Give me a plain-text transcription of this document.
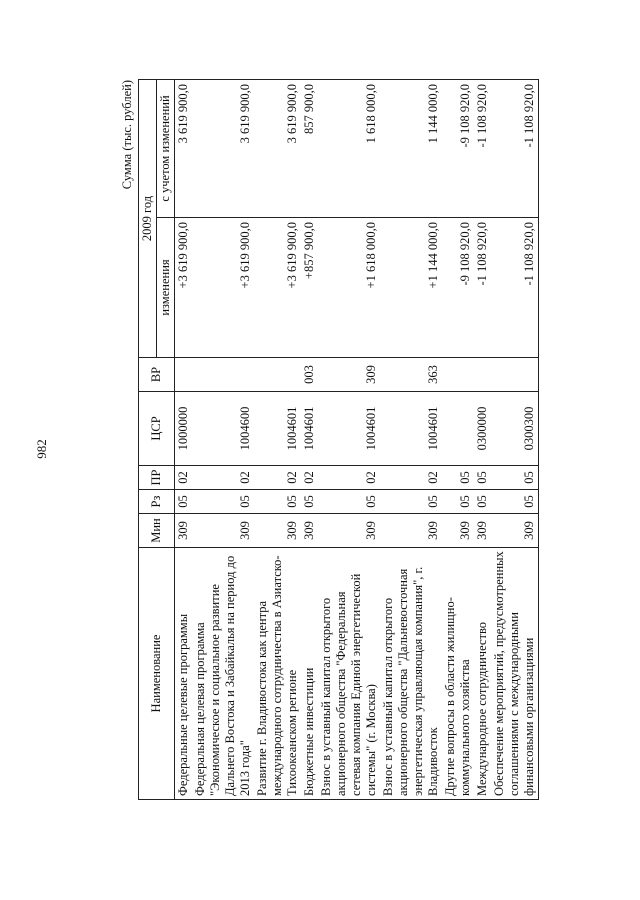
982
Сумма (тыс. рублей)
Наименование	Мин	Рз	ПР	ЦСР	ВР	2009 год	
						изменения	с учетом изменений
Федеральные целевые программы	309	05	02	1000000		+3 619 900,0	3 619 900,0
Федеральная целевая программа "Экономическое и социальное развитие Дальнего Востока и Забайкалья на период до 2013 года"	309	05	02	1004600		+3 619 900,0	3 619 900,0
Развитие г. Владивостока как центра международного сотрудничества в Азиатско-Тихоокеанском регионе	309	05	02	1004601		+3 619 900,0	3 619 900,0
Бюджетные инвестиции	309	05	02	1004601	003	+857 900,0	857 900,0
Взнос в уставный капитал открытого акционерного общества "Федеральная сетевая компания Единой энергетической системы" (г. Москва)	309	05	02	1004601	309	+1 618 000,0	1 618 000,0
Взнос в уставный капитал открытого акционерного общества "Дальневосточная энергетическая управляющая компания", г. Владивосток	309	05	02	1004601	363	+1 144 000,0	1 144 000,0
Другие вопросы в области жилищно-коммунального хозяйства	309	05	05			-9 108 920,0	-9 108 920,0
Международное сотрудничество	309	05	05	0300000		-1 108 920,0	-1 108 920,0
Обеспечение мероприятий, предусмотренных соглашениями с международными финансовыми организациями	309	05	05	0300300		-1 108 920,0	-1 108 920,0
